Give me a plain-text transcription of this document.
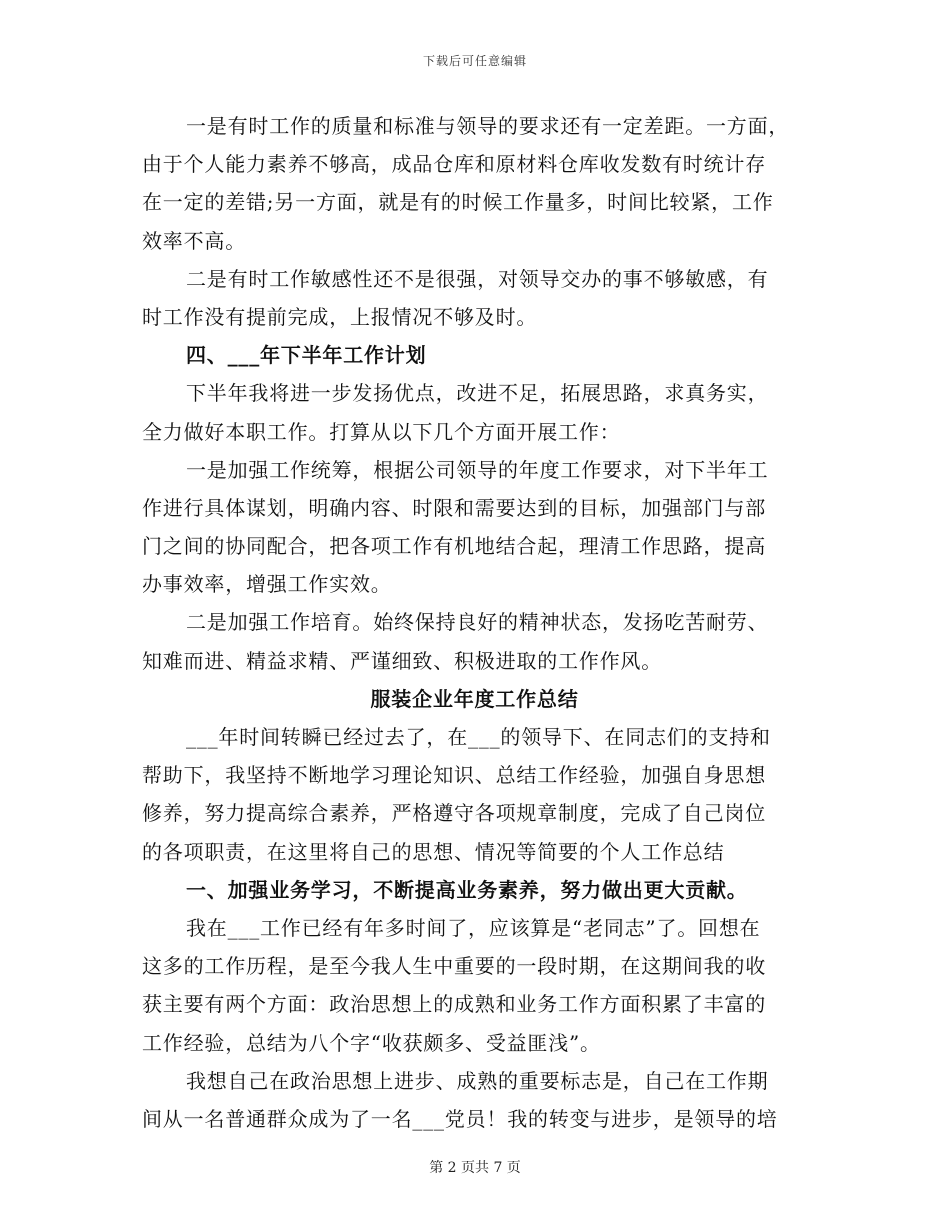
下载后可任意编辑
一是有时工作的质量和标准与领导的要求还有一定差距。一方面，
由于个人能力素养不够高，成品仓库和原材料仓库收发数有时统计存
在一定的差错;另一方面，就是有的时候工作量多，时间比较紧，工作
效率不高。
二是有时工作敏感性还不是很强，对领导交办的事不够敏感，有
时工作没有提前完成，上报情况不够及时。
四、___年下半年工作计划
下半年我将进一步发扬优点，改进不足，拓展思路，求真务实，
全力做好本职工作。打算从以下几个方面开展工作：
一是加强工作统筹，根据公司领导的年度工作要求，对下半年工
作进行具体谋划，明确内容、时限和需要达到的目标，加强部门与部
门之间的协同配合，把各项工作有机地结合起，理清工作思路，提高
办事效率，增强工作实效。
二是加强工作培育。始终保持良好的精神状态，发扬吃苦耐劳、
知难而进、精益求精、严谨细致、积极进取的工作作风。
服装企业年度工作总结
___年时间转瞬已经过去了，在___的领导下、在同志们的支持和
帮助下，我坚持不断地学习理论知识、总结工作经验，加强自身思想
修养，努力提高综合素养，严格遵守各项规章制度，完成了自己岗位
的各项职责，在这里将自己的思想、情况等简要的个人工作总结
一、加强业务学习，不断提高业务素养，努力做出更大贡献。
我在___工作已经有年多时间了，应该算是“老同志”了。回想在
这多的工作历程，是至今我人生中重要的一段时期，在这期间我的收
获主要有两个方面：政治思想上的成熟和业务工作方面积累了丰富的
工作经验，总结为八个字“收获颇多、受益匪浅”。
我想自己在政治思想上进步、成熟的重要标志是，自己在工作期
间从一名普通群众成为了一名___党员！我的转变与进步，是领导的培
第 2 页共 7 页
